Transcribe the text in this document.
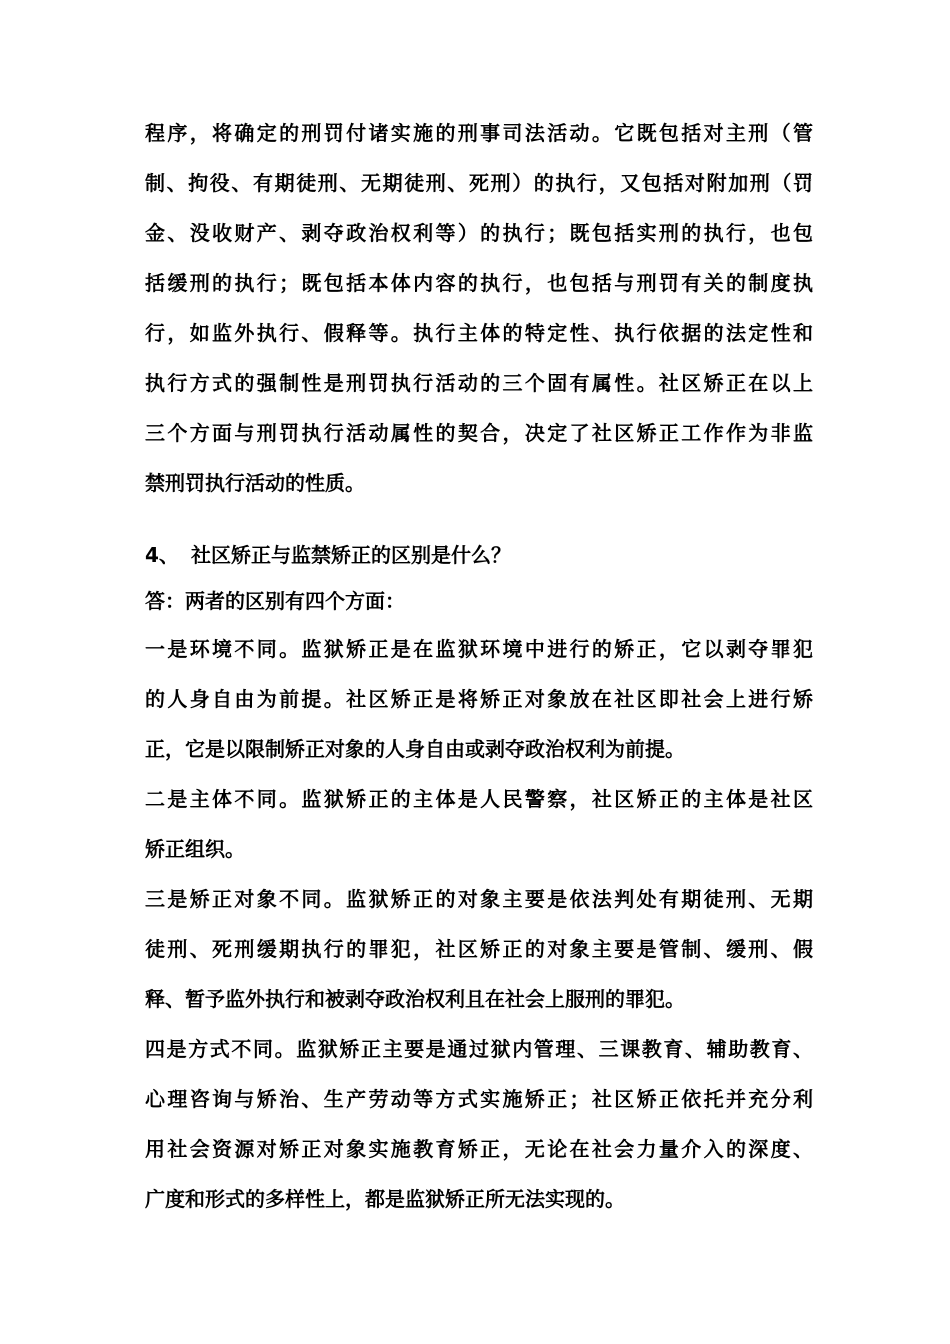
程序，将确定的刑罚付诸实施的刑事司法活动。它既包括对主刑（管
制、拘役、有期徒刑、无期徒刑、死刑）的执行，又包括对附加刑（罚
金、没收财产、剥夺政治权利等）的执行；既包括实刑的执行，也包
括缓刑的执行；既包括本体内容的执行，也包括与刑罚有关的制度执
行，如监外执行、假释等。执行主体的特定性、执行依据的法定性和
执行方式的强制性是刑罚执行活动的三个固有属性。社区矫正在以上
三个方面与刑罚执行活动属性的契合，决定了社区矫正工作作为非监
禁刑罚执行活动的性质。
4、 社区矫正与监禁矫正的区别是什么？
答：两者的区别有四个方面：
一是环境不同。监狱矫正是在监狱环境中进行的矫正，它以剥夺罪犯
的人身自由为前提。社区矫正是将矫正对象放在社区即社会上进行矫
正，它是以限制矫正对象的人身自由或剥夺政治权利为前提。
二是主体不同。监狱矫正的主体是人民警察，社区矫正的主体是社区
矫正组织。
三是矫正对象不同。监狱矫正的对象主要是依法判处有期徒刑、无期
徒刑、死刑缓期执行的罪犯，社区矫正的对象主要是管制、缓刑、假
释、暂予监外执行和被剥夺政治权利且在社会上服刑的罪犯。
四是方式不同。监狱矫正主要是通过狱内管理、三课教育、辅助教育、
心理咨询与矫治、生产劳动等方式实施矫正；社区矫正依托并充分利
用社会资源对矫正对象实施教育矫正，无论在社会力量介入的深度、
广度和形式的多样性上，都是监狱矫正所无法实现的。
